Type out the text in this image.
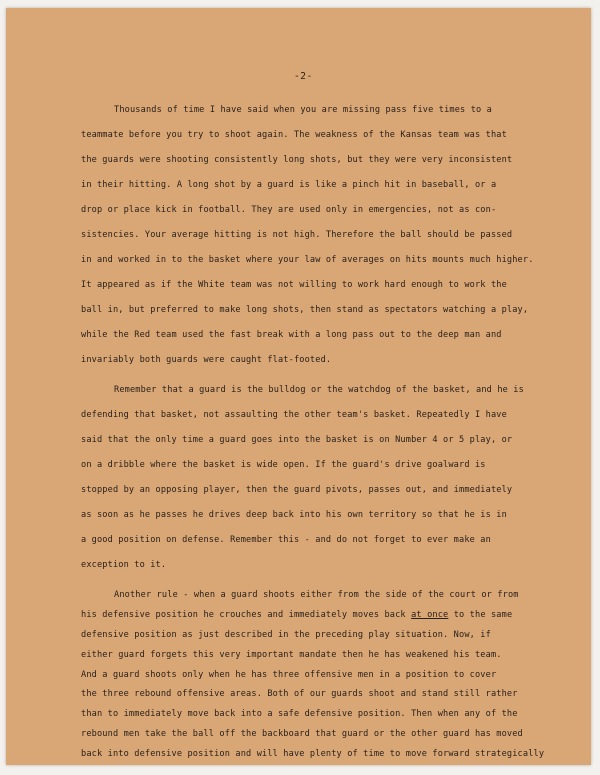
-2-
Thousands of time I have said when you are missing pass five times to a
teammate before you try to shoot again. The weakness of the Kansas team was that
the guards were shooting consistently long shots, but they were very inconsistent
in their hitting. A long shot by a guard is like a pinch hit in baseball, or a
drop or place kick in football. They are used only in emergencies, not as con-
sistencies. Your average hitting is not high. Therefore the ball should be passed
in and worked in to the basket where your law of averages on hits mounts much higher.
It appeared as if the White team was not willing to work hard enough to work the
ball in, but preferred to make long shots, then stand as spectators watching a play,
while the Red team used the fast break with a long pass out to the deep man and
invariably both guards were caught flat-footed.
Remember that a guard is the bulldog or the watchdog of the basket, and he is
defending that basket, not assaulting the other team's basket. Repeatedly I have
said that the only time a guard goes into the basket is on Number 4 or 5 play, or
on a dribble where the basket is wide open. If the guard's drive goalward is
stopped by an opposing player, then the guard pivots, passes out, and immediately
as soon as he passes he drives deep back into his own territory so that he is in
a good position on defense. Remember this - and do not forget to ever make an
exception to it.
Another rule - when a guard shoots either from the side of the court or from
his defensive position he crouches and immediately moves back at once to the same
defensive position as just described in the preceding play situation. Now, if
either guard forgets this very important mandate then he has weakened his team.
And a guard shoots only when he has three offensive men in a position to cover
the three rebound offensive areas. Both of our guards shoot and stand still rather
than to immediately move back into a safe defensive position. Then when any of the
rebound men take the ball off the backboard that guard or the other guard has moved
back into defensive position and will have plenty of time to move forward strategically
